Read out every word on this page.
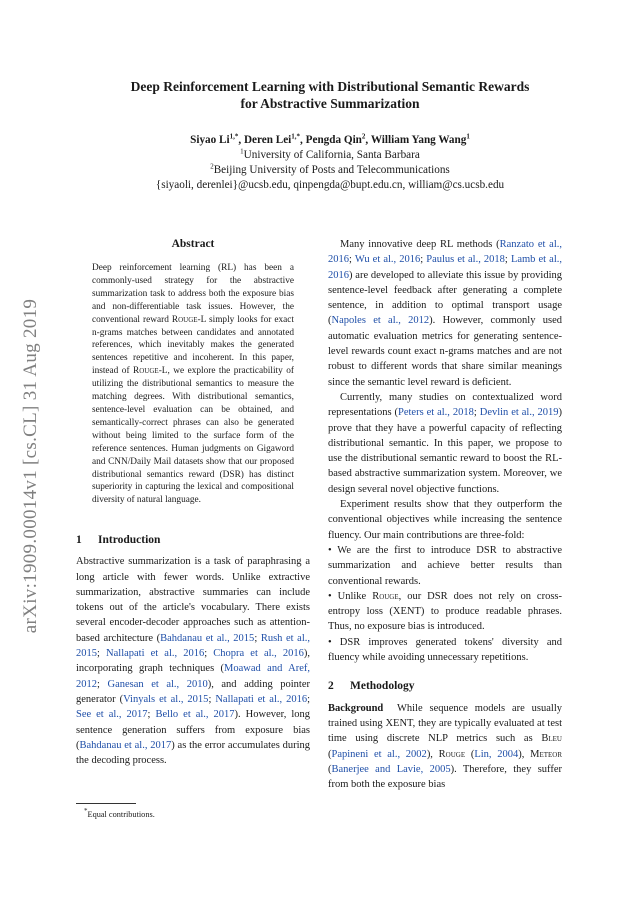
arXiv:1909.00014v1 [cs.CL] 31 Aug 2019
Deep Reinforcement Learning with Distributional Semantic Rewards
for Abstractive Summarization
Siyao $Li^{1,*}$, Deren Lei$^{1,*}$, Pengda Qin$^2$, William Yang Wang$^1$
$^1$University of California, Santa Barbara
$^2$Beijing University of Posts and Telecommunications
{siyaoli, derenlei}@ucsb.edu, qinpengda@bupt.edu.cn, william@cs.ucsb.edu
Abstract
Deep reinforcement learning (RL) has been a commonly-used strategy for the abstractive summarization task to address both the exposure bias and non-differentiable task issues. However, the conventional reward Rouge-L simply looks for exact n-grams matches between candidates and annotated references, which inevitably makes the generated sentences repetitive and incoherent. In this paper, instead of Rouge-L, we explore the practicability of utilizing the distributional semantics to measure the matching degrees. With distributional semantics, sentence-level evaluation can be obtained, and semantically-correct phrases can also be generated without being limited to the surface form of the reference sentences. Human judgments on Gigaword and CNN/Daily Mail datasets show that our proposed distributional semantics reward (DSR) has distinct superiority in capturing the lexical and compositional diversity of natural language.
1 Introduction

Abstractive summarization is a task of paraphrasing a long article with fewer words. Unlike extractive summarization, abstractive summaries can include tokens out of the article's vocabulary. There exists several encoder-decoder approaches such as attention-based architecture (Bahdanau et al., 2015; Rush et al., 2015; Nallapati et al., 2016; Chopra et al., 2016), incorporating graph techniques (Moawad and Aref, 2012; Ganesan et al., 2010), and adding pointer generator (Vinyals et al., 2015; Nallapati et al., 2016; See et al., 2017; Bello et al., 2017). However, long sentence generation suffers from exposure bias (Bahdanau et al., 2017) as the error accumulates during the decoding process.

*Equal contributions.

Many innovative deep RL methods (Ranzato et al., 2016; Wu et al., 2016; Paulus et al., 2018; Lamb et al., 2016) are developed to alleviate this issue by providing sentence-level feedback after generating a complete sentence, in addition to optimal transport usage (Napoles et al., 2012). However, commonly used automatic evaluation metrics for generating sentence-level rewards count exact n-grams matches and are not robust to different words that share similar meanings since the semantic level reward is deficient.

Currently, many studies on contextualized word representations (Peters et al., 2018; Devlin et al., 2019) prove that they have a powerful capacity of reflecting distributional semantic. In this paper, we propose to use the distributional semantic reward to boost the RL-based abstractive summarization system. Moreover, we design several novel objective functions.

Experiment results show that they outperform the conventional objectives while increasing the sentence fluency. Our main contributions are three-fold:

• We are the first to introduce DSR to abstractive summarization and achieve better results than conventional rewards.

• Unlike Rouge, our DSR does not rely on cross-entropy loss (XENT) to produce readable phrases. Thus, no exposure bias is introduced.

• DSR improves generated tokens' diversity and fluency while avoiding unnecessary repetitions.

2 Methodology

Background While sequence models are usually trained using XENT, they are typically evaluated at test time using discrete NLP metrics such as Bleu (Papineni et al., 2002), Rouge (Lin, 2004), Meteor (Banerjee and Lavie, 2005). Therefore, they suffer from both the exposure bias
